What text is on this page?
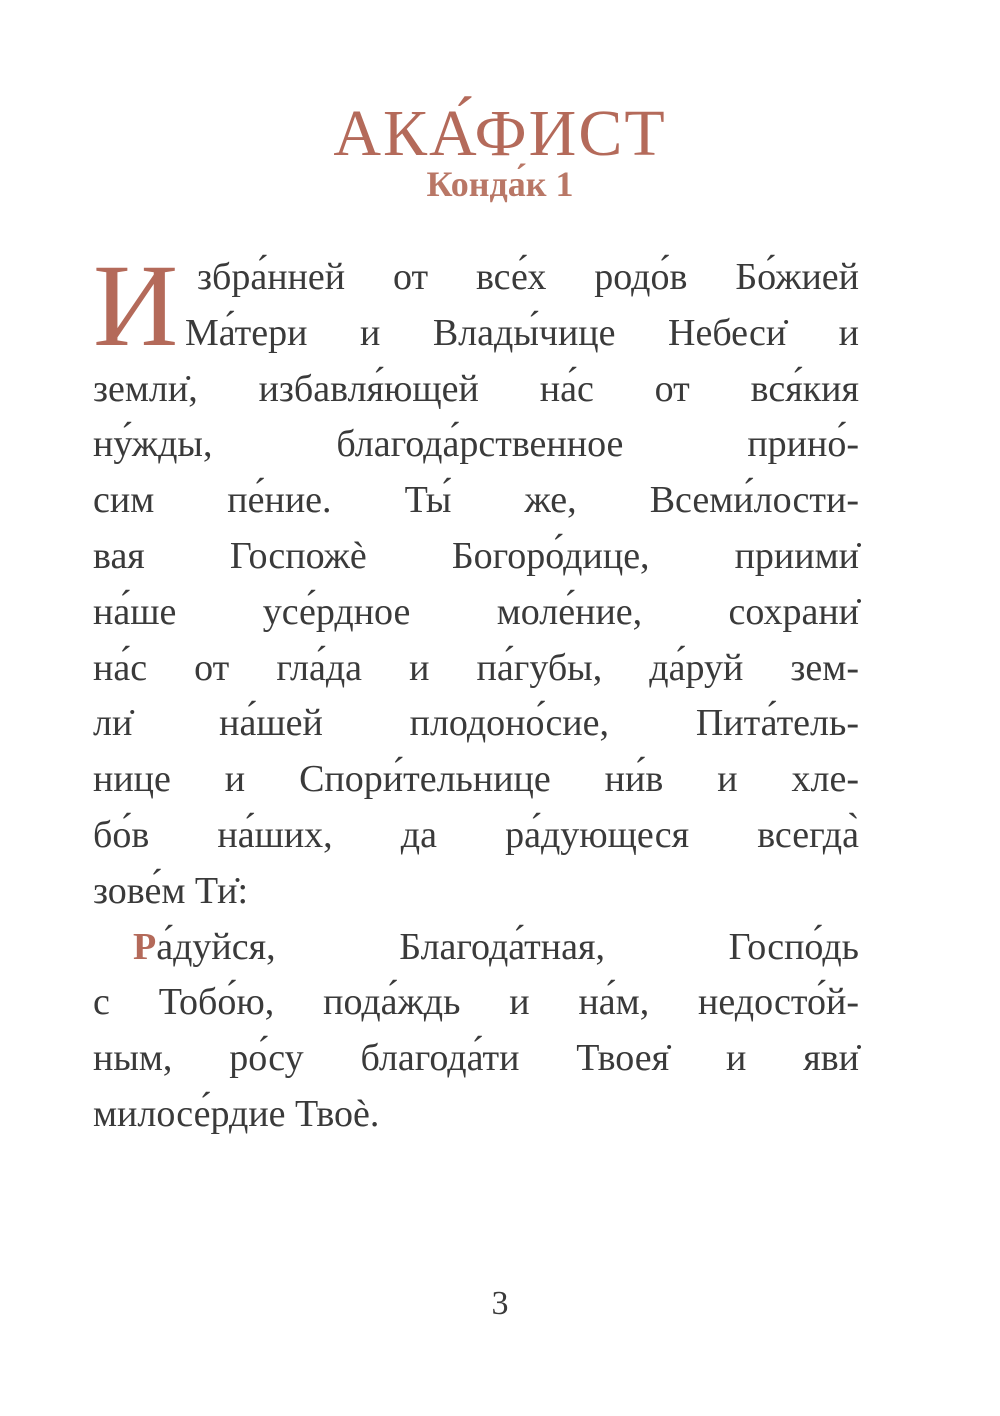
АКА́ФИСТ
Конда́к 1
И збра́нней от все́х родо́в Бо́жией
Ма́тери и Влады́чице Небеси̇ и
земли̇, избавля́ющей на́с от вся́кия
ну́жды, благода́рственное прино́-
сим пе́ние. Ты́ же, Всеми́лости-
вая Госпожѐ Богоро́дице, приими̇
на́ше усе́рдное моле́ние, сохрани̇
на́с от гла́да и па́губы, да́руй зем-
ли̇ на́шей плодоно́сие, Пита́тель-
нице и Спори́тельнице ни́в и хле-
бо́в на́ших, да ра́дующеся всегда̀
зове́м Ти̇:
Ра́дуйся, Благода́тная, Госпо́дь
с Тобо́ю, пода́ждь и на́м, недосто́й-
ным, ро́су благода́ти Твоея̇ и яви̇
милосе́рдие Твоѐ.
3
